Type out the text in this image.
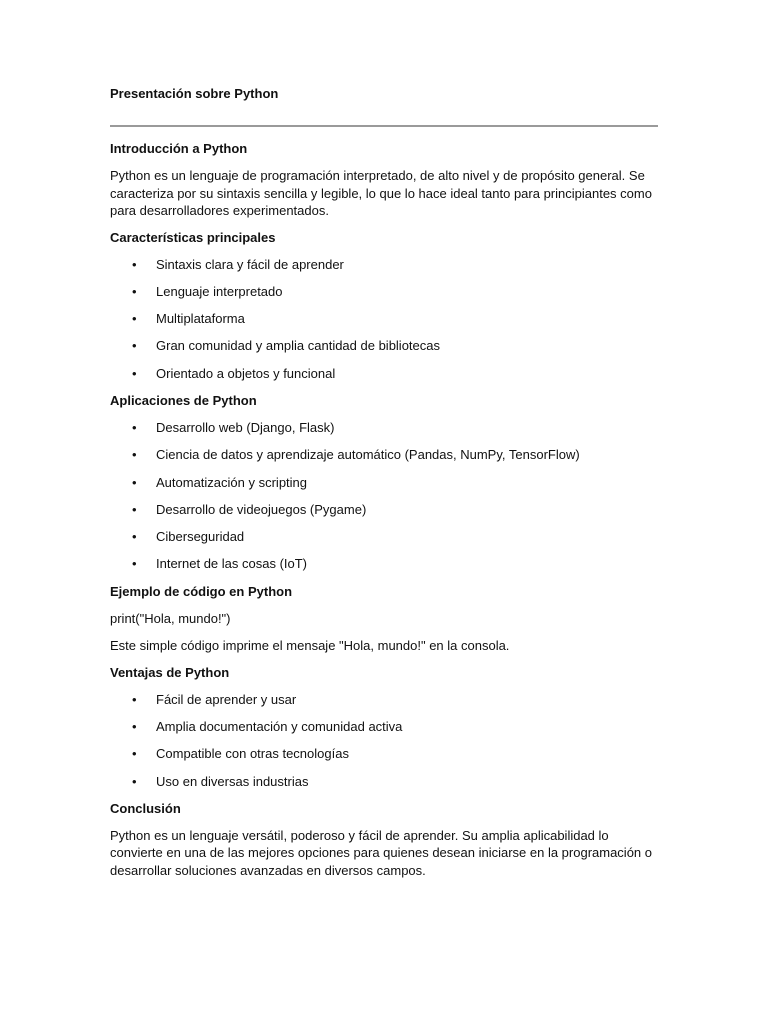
Presentación sobre Python

Introducción a Python

Python es un lenguaje de programación interpretado, de alto nivel y de propósito general. Se caracteriza por su sintaxis sencilla y legible, lo que lo hace ideal tanto para principiantes como para desarrolladores experimentados.

Características principales

• Sintaxis clara y fácil de aprender
• Lenguaje interpretado
• Multiplataforma
• Gran comunidad y amplia cantidad de bibliotecas
• Orientado a objetos y funcional

Aplicaciones de Python

• Desarrollo web (Django, Flask)
• Ciencia de datos y aprendizaje automático (Pandas, NumPy, TensorFlow)
• Automatización y scripting
• Desarrollo de videojuegos (Pygame)
• Ciberseguridad
• Internet de las cosas (IoT)

Ejemplo de código en Python

print("Hola, mundo!")

Este simple código imprime el mensaje "Hola, mundo!" en la consola.

Ventajas de Python

• Fácil de aprender y usar
• Amplia documentación y comunidad activa
• Compatible con otras tecnologías
• Uso en diversas industrias

Conclusión

Python es un lenguaje versátil, poderoso y fácil de aprender. Su amplia aplicabilidad lo convierte en una de las mejores opciones para quienes desean iniciarse en la programación o desarrollar soluciones avanzadas en diversos campos.
